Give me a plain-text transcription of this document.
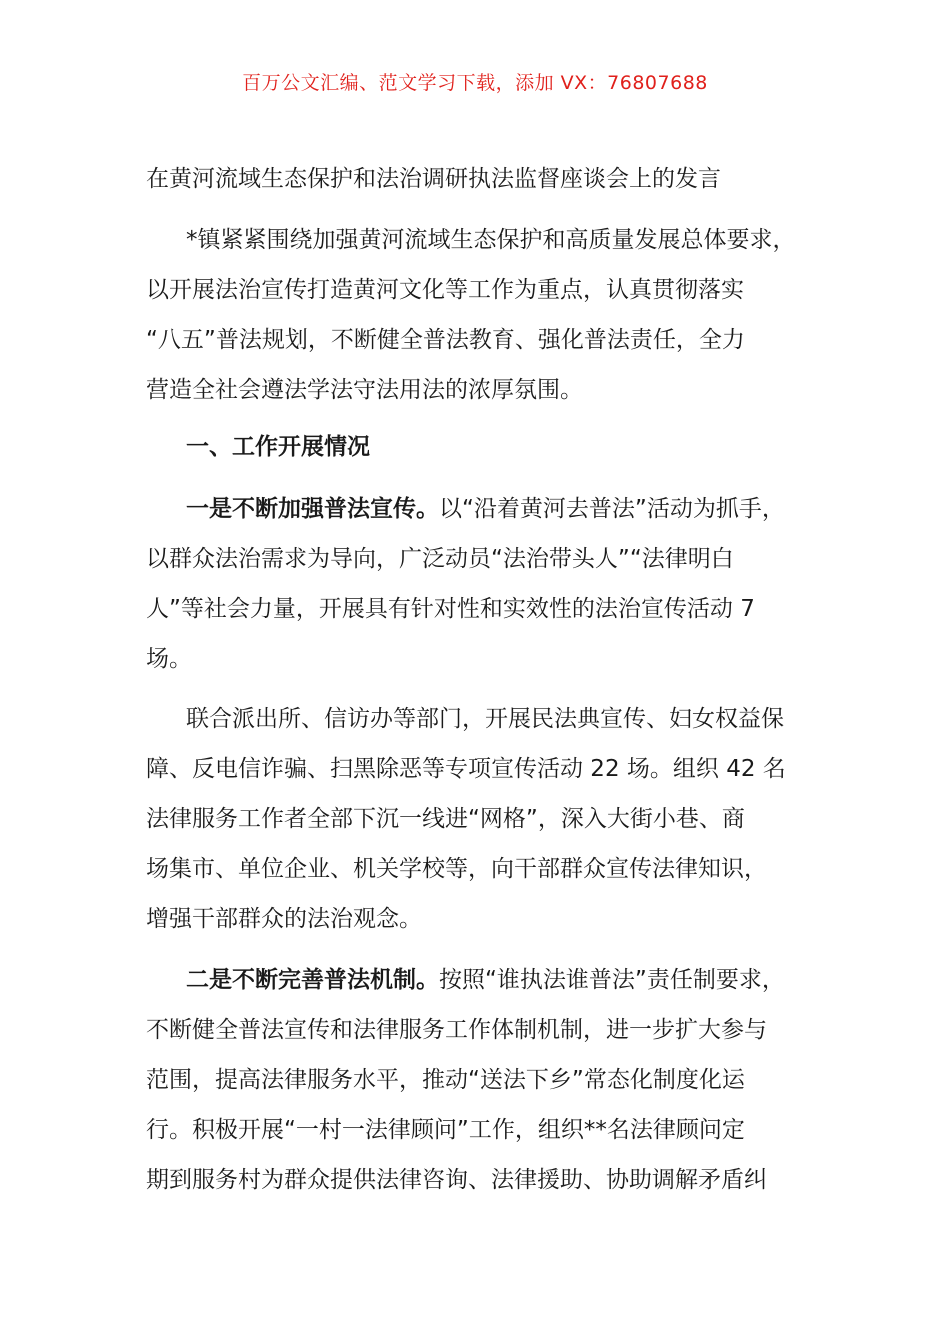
百万公文汇编、范文学习下载，添加 VX：76807688
在黄河流域生态保护和法治调研执法监督座谈会上的发言
*镇紧紧围绕加强黄河流域生态保护和高质量发展总体要求，
以开展法治宣传打造黄河文化等工作为重点，认真贯彻落实
“八五”普法规划，不断健全普法教育、强化普法责任，全力
营造全社会遵法学法守法用法的浓厚氛围。
一、工作开展情况
一是不断加强普法宣传。以“沿着黄河去普法”活动为抓手，
以群众法治需求为导向，广泛动员“法治带头人”“法律明白
人”等社会力量，开展具有针对性和实效性的法治宣传活动 7
场。
联合派出所、信访办等部门，开展民法典宣传、妇女权益保
障、反电信诈骗、扫黑除恶等专项宣传活动 22 场。组织 42 名
法律服务工作者全部下沉一线进“网格”，深入大街小巷、商
场集市、单位企业、机关学校等，向干部群众宣传法律知识，
增强干部群众的法治观念。
二是不断完善普法机制。按照“谁执法谁普法”责任制要求，
不断健全普法宣传和法律服务工作体制机制，进一步扩大参与
范围，提高法律服务水平，推动“送法下乡”常态化制度化运
行。积极开展“一村一法律顾问”工作，组织**名法律顾问定
期到服务村为群众提供法律咨询、法律援助、协助调解矛盾纠
